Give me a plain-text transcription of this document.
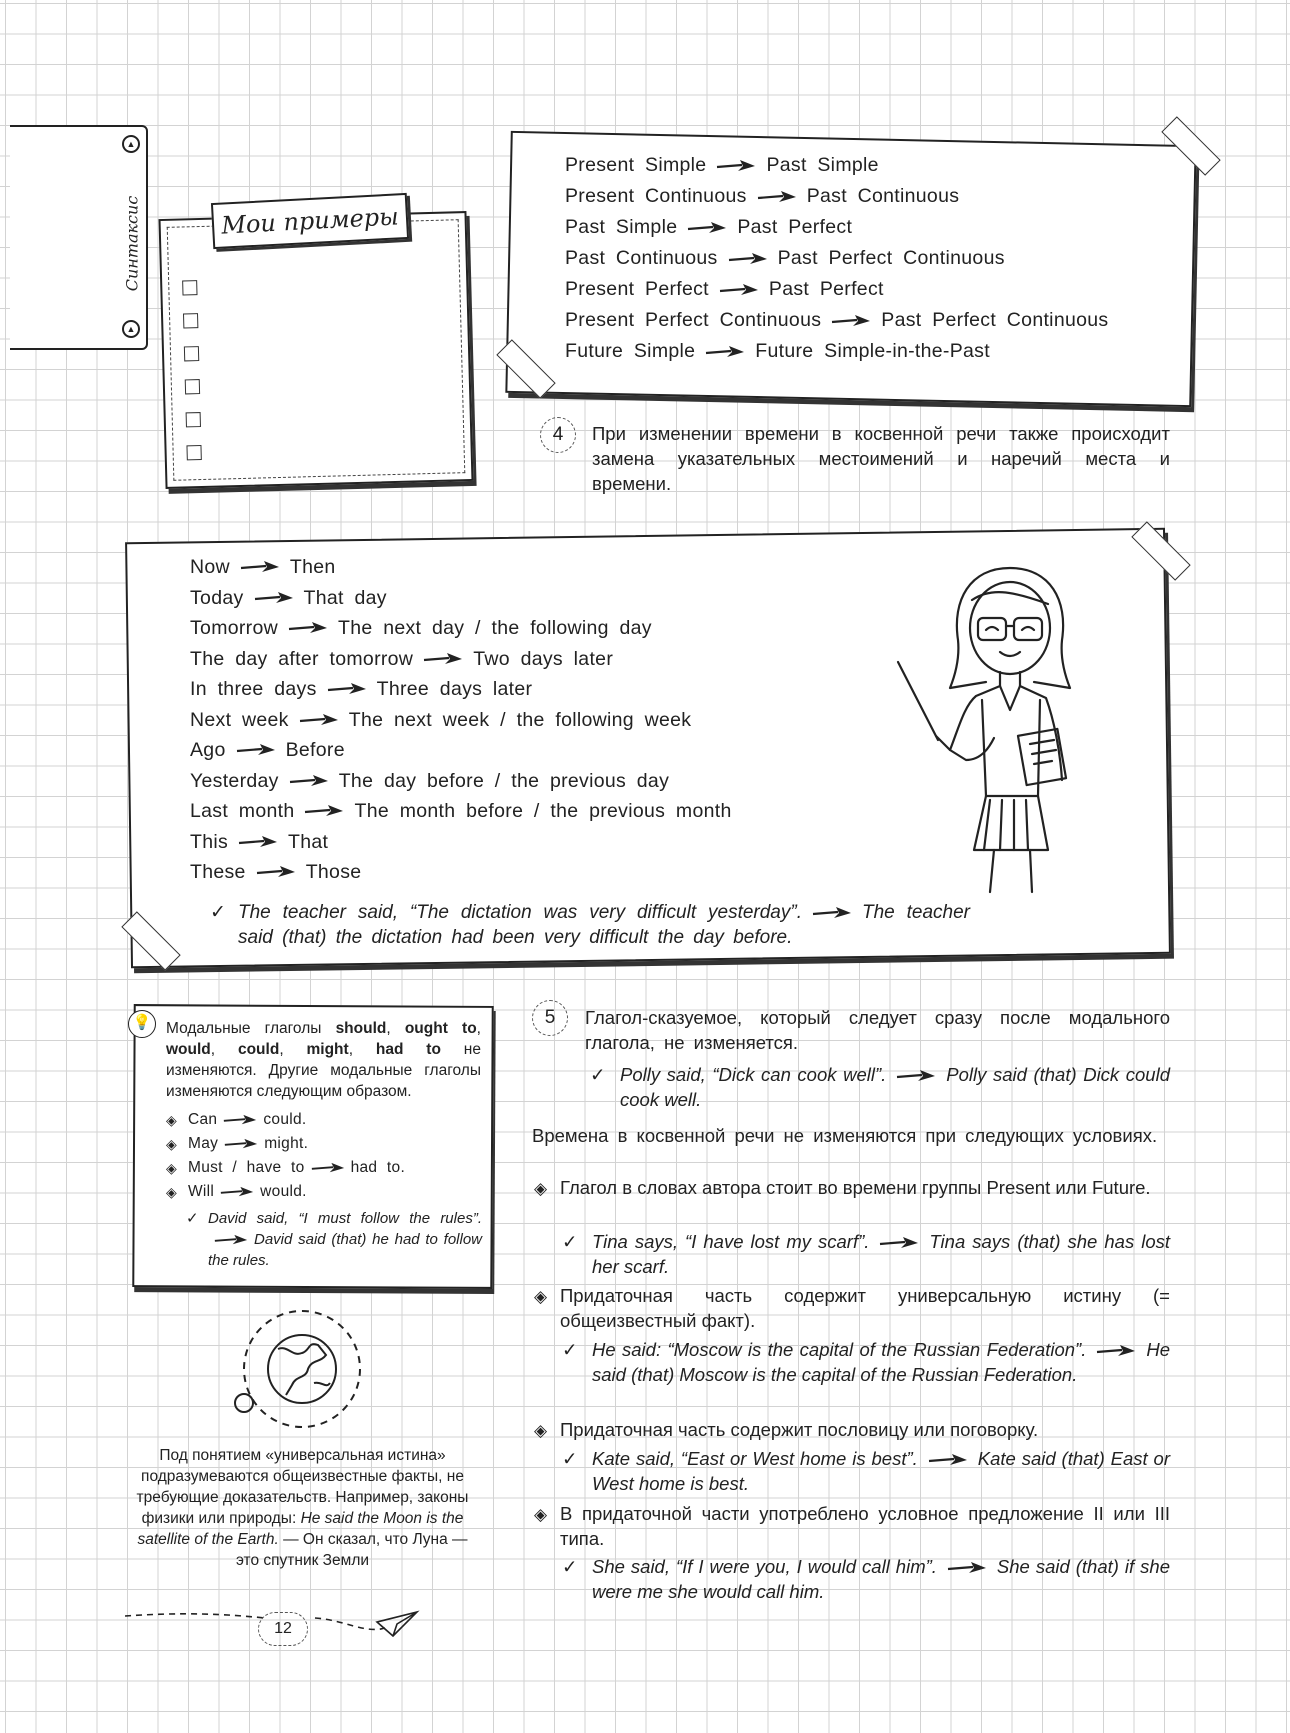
▲
▲
Синтаксис	Мои примеры
Present Simple	Past Simple
Present Continuous	Past Continuous
Past Simple	Past Perfect
Past Continuous	Past Perfect Continuous
Present Perfect	Past Perfect
Present Perfect Continuous	Past Perfect Continuous
Future Simple	Future Simple-in-the-Past
4	При изменении времени в косвенной речи также происходит замена указательных местоимений и наречий места и времени.
Now	Then
Today	That day
Tomorrow	The next day / the following day
The day after tomorrow	Two days later
In three days	Three days later
Next week	The next week / the following week
Ago	Before
Yesterday	The day before / the previous day
Last month	The month before / the previous month
This	That
These	Those
✓ The teacher said, “The dictation was very difficult yesterday”.	The teacher said (that) the dictation had been very difficult the day before.
💡 Модальные глаголы should, ought to, would, could, might, had to не изменяются. Другие модальные глаголы изменяются следующим образом.
◈ Can	could.
◈ May	might.
◈ Must / have to	had to.
◈ Will	would.
✓ David said, “I must follow the rules”.David said (that) he had to follow the rules.
Под понятием «универсальная истина» подразумеваются общеизвестные факты, не требующие доказательств. Например, законы физики или природы: He said the Moon is the satellite of the Earth. — Он сказал, что Луна — это спутник Земли
12
5	Глагол-сказуемое, который следует сразу после модального глагола, не изменяется.
✓ Polly said, “Dick can cook well”.	Polly said (that) Dick could cook well.
Времена в косвенной речи не изменяются при следующих условиях.
◈ Глагол в словах автора стоит во времени группы Present или Future.
✓ Tina says, “I have lost my scarf”.	Tina says (that) she has lost her scarf.
◈ Придаточная часть содержит универсальную истину (= общеизвестный факт).
✓ He said: “Moscow is the capital of the Russian Federation”.	He said (that) Moscow is the capital of the Russian Federation.
◈ Придаточная часть содержит пословицу или поговорку.
✓ Kate said, “East or West home is best”.	Kate said (that) East or West home is best.
◈ В придаточной части употреблено условное предложение II или III типа.
✓ She said, “If I were you, I would call him”.	She said (that) if she were me she would call him.
